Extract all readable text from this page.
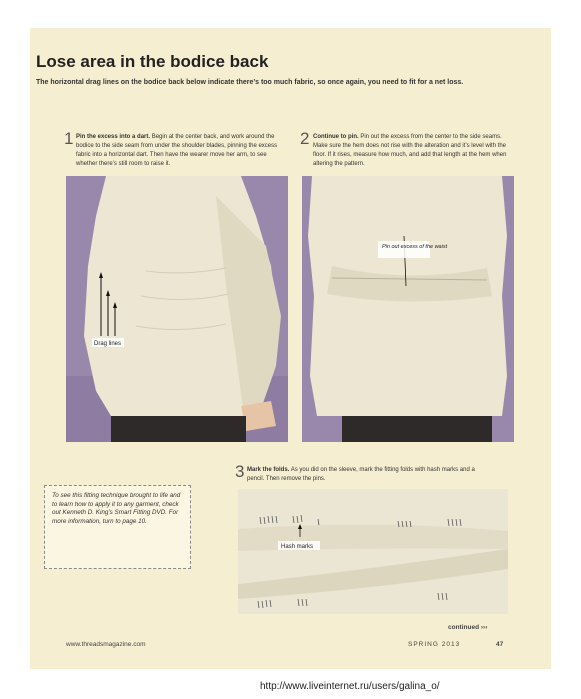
Lose area in the bodice back
The horizontal drag lines on the bodice back below indicate there’s too much fabric, so once again, you need to fit for a net loss.
1 Pin the excess into a dart. Begin at the center back, and work around the bodice to the side seam from under the shoulder blades, pinning the excess fabric into a horizontal dart. Then have the wearer move her arm, to see whether there’s still room to raise it.
2 Continue to pin. Pin out the excess from the center to the side seams. Make sure the hem does not rise with the alteration and it’s level with the floor. If it rises, measure how much, and add that length at the hem when altering the pattern.
Drag lines
Pin out excess of the waist
3 Mark the folds. As you did on the sleeve, mark the fitting folds with hash marks and a pencil. Then remove the pins.
Hash marks

To see this fitting technique brought to life and to learn how to apply it to any garment, check out Kenneth D. King’s Smart Fitting DVD. For more information, turn to page 10.

www.threadsmagazine.com
continued ›››
SPRING 2013	47
http://www.liveinternet.ru/users/galina_o/
